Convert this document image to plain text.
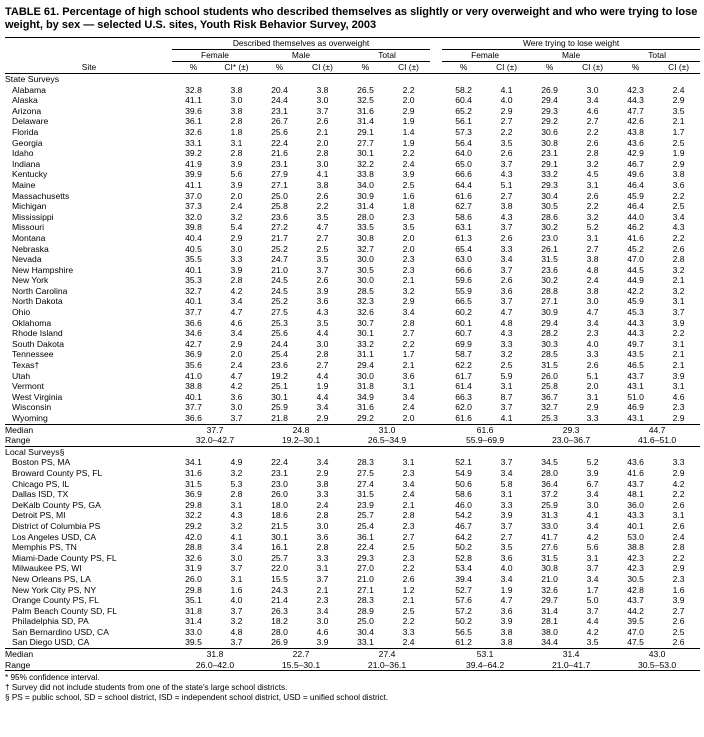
TABLE 61. Percentage of high school students who described themselves as slightly or very overweight and who were trying to lose weight, by sex — selected U.S. sites, Youth Risk Behavior Survey, 2003
	Described themselves as overweight							Were trying to lose weight					
	Female		Male		Total			Female		Male		Total	
Site	%	CI* (±)	%	CI (±)	%	CI (±)		%	CI (±)	%	CI (±)	%	CI (±)
State Surveys													
Alabama	32.8	3.8	20.4	3.8	26.5	2.2		58.2	4.1	26.9	3.0	42.3	2.4
Alaska	41.1	3.0	24.4	3.0	32.5	2.0		60.4	4.0	29.4	3.4	44.3	2.9
Arizona	39.6	3.8	23.1	3.7	31.6	2.9		65.2	2.9	29.3	4.6	47.7	3.5
Delaware	36.1	2.8	26.7	2.6	31.4	1.9		56.1	2.7	29.2	2.7	42.6	2.1
Florida	32.6	1.8	25.6	2.1	29.1	1.4		57.3	2.2	30.6	2.2	43.8	1.7
Georgia	33.1	3.1	22.4	2.0	27.7	1.9		56.4	3.5	30.8	2.6	43.6	2.5
Idaho	39.2	2.8	21.6	2.8	30.1	2.2		64.0	2.6	23.1	2.8	42.9	1.9
Indiana	41.9	3.9	23.1	3.0	32.2	2.4		65.0	3.7	29.1	3.2	46.7	2.9
Kentucky	39.9	5.6	27.9	4.1	33.8	3.9		66.6	4.3	33.2	4.5	49.6	3.8
Maine	41.1	3.9	27.1	3.8	34.0	2.5		64.4	5.1	29.3	3.1	46.4	3.6
Massachusetts	37.0	2.0	25.0	2.6	30.9	1.6		61.6	2.7	30.4	2.6	45.9	2.2
Michigan	37.3	2.4	25.8	2.2	31.4	1.8		62.7	3.8	30.5	2.2	46.4	2.5
Mississippi	32.0	3.2	23.6	3.5	28.0	2.3		58.6	4.3	28.6	3.2	44.0	3.4
Missouri	39.8	5.4	27.2	4.7	33.5	3.5		63.1	3.7	30.2	5.2	46.2	4.3
Montana	40.4	2.9	21.7	2.7	30.8	2.0		61.3	2.6	23.0	3.1	41.6	2.2
Nebraska	40.5	3.0	25.2	2.5	32.7	2.0		65.4	3.3	26.1	2.7	45.2	2.6
Nevada	35.5	3.3	24.7	3.5	30.0	2.3		63.0	3.4	31.5	3.8	47.0	2.8
New Hampshire	40.1	3.9	21.0	3.7	30.5	2.3		66.6	3.7	23.6	4.8	44.5	3.2
New York	35.3	2.8	24.5	2.6	30.0	2.1		59.6	2.6	30.2	2.4	44.9	2.1
North Carolina	32.7	4.2	24.5	3.9	28.5	3.2		55.9	3.6	28.8	3.8	42.2	3.2
North Dakota	40.1	3.4	25.2	3.6	32.3	2.9		66.5	3.7	27.1	3.0	45.9	3.1
Ohio	37.7	4.7	27.5	4.3	32.6	3.4		60.2	4.7	30.9	4.7	45.3	3.7
Oklahoma	36.6	4.6	25.3	3.5	30.7	2.8		60.1	4.8	29.4	3.4	44.3	3.9
Rhode Island	34.6	3.4	25.6	4.4	30.1	2.7		60.7	4.3	28.2	2.3	44.3	2.2
South Dakota	42.7	2.9	24.4	3.0	33.2	2.2		69.9	3.3	30.3	4.0	49.7	3.1
Tennessee	36.9	2.0	25.4	2.8	31.1	1.7		58.7	3.2	28.5	3.3	43.5	2.1
Texas†	35.6	2.4	23.6	2.7	29.4	2.1		62.2	2.5	31.5	2.6	46.5	2.1
Utah	41.0	4.7	19.2	4.4	30.0	3.6		61.7	5.9	26.0	5.1	43.7	3.9
Vermont	38.8	4.2	25.1	1.9	31.8	3.1		61.4	3.1	25.8	2.0	43.1	3.1
West Virginia	40.1	3.6	30.1	4.4	34.9	3.4		66.3	8.7	36.7	3.1	51.0	4.6
Wisconsin	37.7	3.0	25.9	3.4	31.6	2.4		62.0	3.7	32.7	2.9	46.9	2.3
Wyoming	36.6	3.7	21.8	2.9	29.2	2.0		61.6	4.1	25.3	3.3	43.1	2.9
Median	37.7		24.8		31.0			61.6		29.3		44.7	
Range	32.0–42.7		19.2–30.1		26.5–34.9			55.9–69.9		23.0–36.7		41.6–51.0	
Local Surveys§													
Boston PS, MA	34.1	4.9	22.4	3.4	28.3	3.1		52.1	3.7	34.5	5.2	43.6	3.3
Broward County PS, FL	31.6	3.2	23.1	2.9	27.5	2.3		54.9	3.4	28.0	3.9	41.6	2.9
Chicago PS, IL	31.5	5.3	23.0	3.8	27.4	3.4		50.6	5.8	36.4	6.7	43.7	4.2
Dallas ISD, TX	36.9	2.8	26.0	3.3	31.5	2.4		58.6	3.1	37.2	3.4	48.1	2.2
DeKalb County PS, GA	29.8	3.1	18.0	2.4	23.9	2.1		46.0	3.3	25.9	3.0	36.0	2.6
Detroit PS, MI	32.2	4.3	18.6	2.8	25.7	2.8		54.2	3.9	31.3	4.1	43.3	3.1
District of Columbia PS	29.2	3.2	21.5	3.0	25.4	2.3		46.7	3.7	33.0	3.4	40.1	2.6
Los Angeles USD, CA	42.0	4.1	30.1	3.6	36.1	2.7		64.2	2.7	41.7	4.2	53.0	2.4
Memphis PS, TN	28.8	3.4	16.1	2.8	22.4	2.5		50.2	3.5	27.6	5.6	38.8	2.8
Miami-Dade County PS, FL	32.6	3.0	25.7	3.3	29.3	2.3		52.8	3.6	31.5	3.1	42.3	2.2
Milwaukee PS, WI	31.9	3.7	22.0	3.1	27.0	2.2		53.4	4.0	30.8	3.7	42.3	2.9
New Orleans PS, LA	26.0	3.1	15.5	3.7	21.0	2.6		39.4	3.4	21.0	3.4	30.5	2.3
New York City PS, NY	29.8	1.6	24.3	2.1	27.1	1.2		52.7	1.9	32.6	1.7	42.8	1.6
Orange County PS, FL	35.1	4.0	21.4	2.3	28.3	2.1		57.6	4.7	29.7	5.0	43.7	3.9
Palm Beach County SD, FL	31.8	3.7	26.3	3.4	28.9	2.5		57.2	3.6	31.4	3.7	44.2	2.7
Philadelphia SD, PA	31.4	3.2	18.2	3.0	25.0	2.2		50.2	3.9	28.1	4.4	39.5	2.6
San Bernardino USD, CA	33.0	4.8	28.0	4.6	30.4	3.3		56.5	3.8	38.0	4.2	47.0	2.5
San Diego USD, CA	39.5	3.7	26.9	3.9	33.1	2.4		61.2	3.8	34.4	3.5	47.5	2.6
Median	31.8		22.7		27.4			53.1		31.4		43.0	
Range	26.0–42.0		15.5–30.1		21.0–36.1			39.4–64.2		21.0–41.7		30.5–53.0	
* 95% confidence interval.
† Survey did not include students from one of the state's large school districts.
§ PS = public school, SD = school district, ISD = independent school district, USD = unified school district.
